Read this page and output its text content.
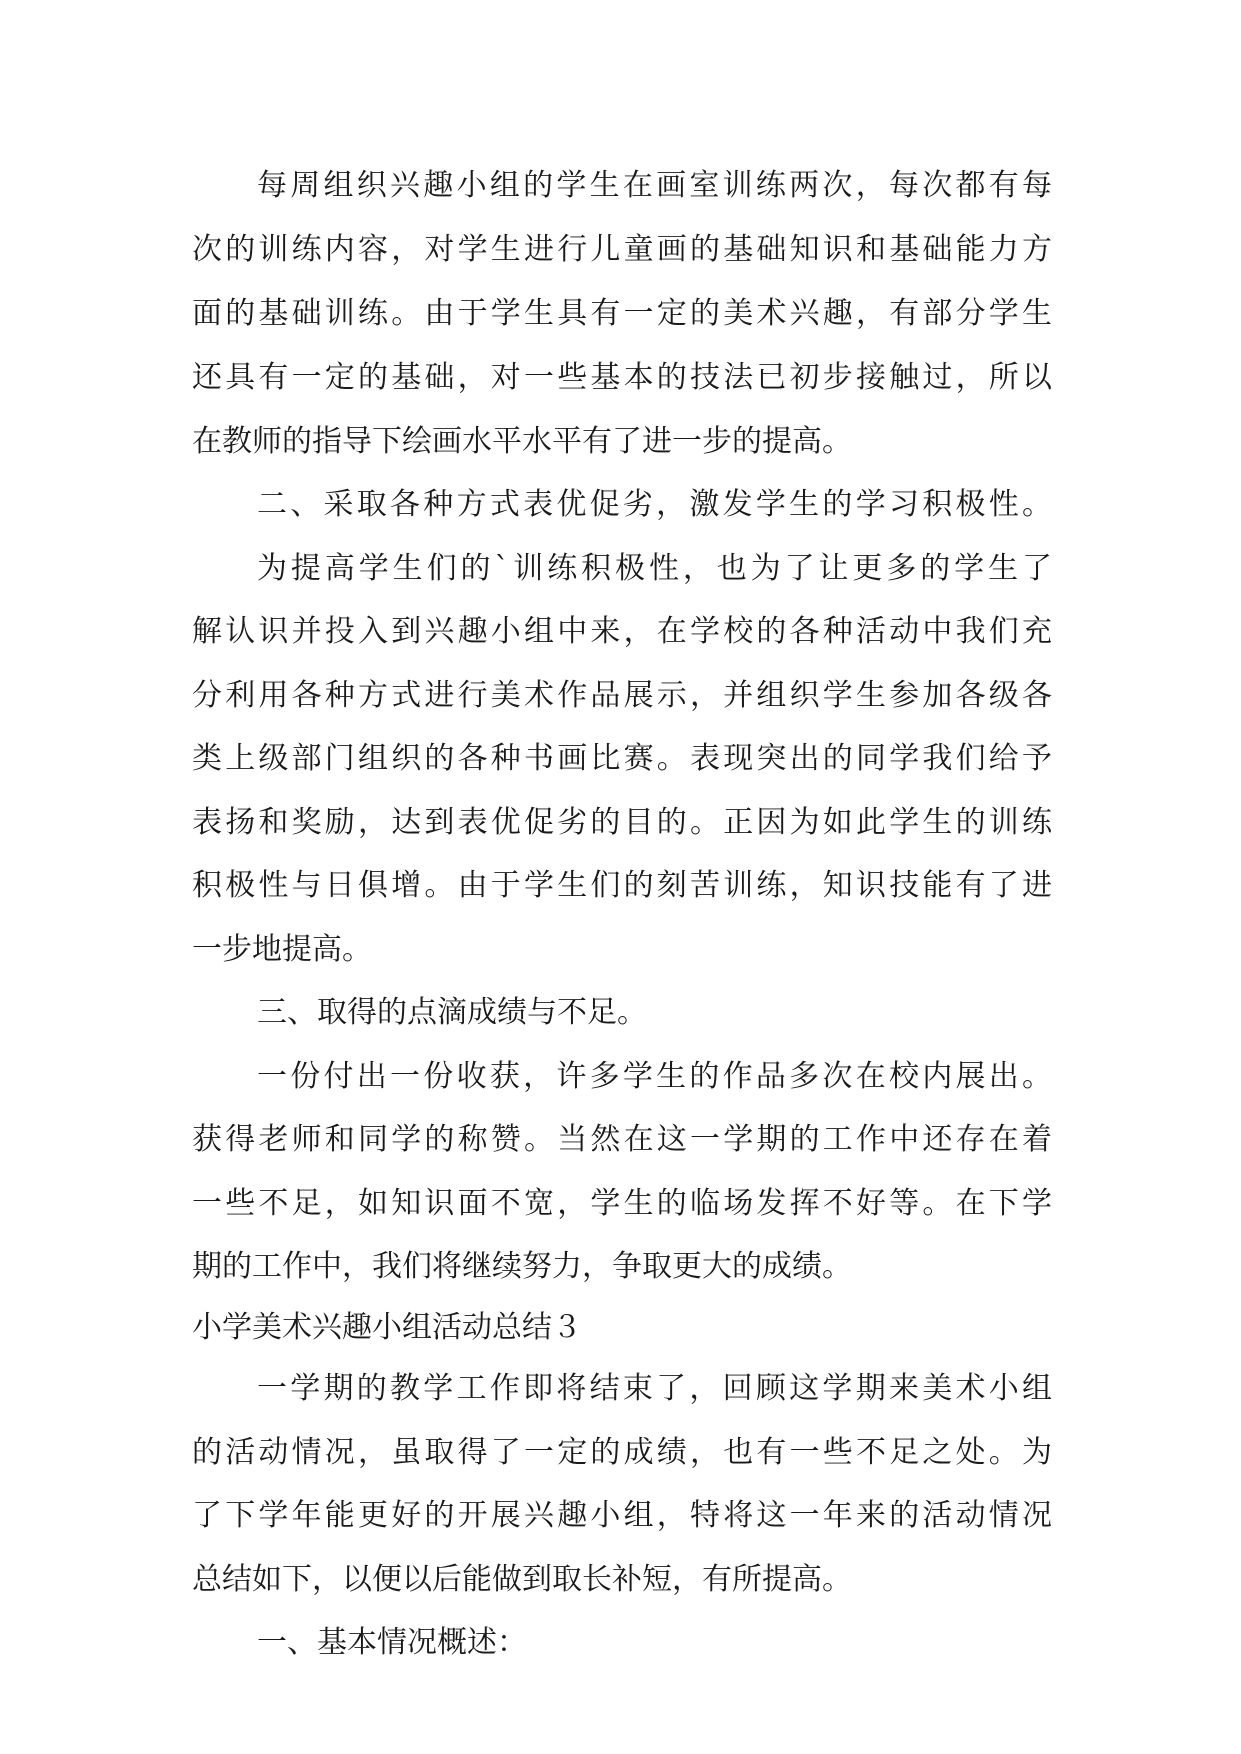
每周组织兴趣小组的学生在画室训练两次，每次都有每
次的训练内容，对学生进行儿童画的基础知识和基础能力方
面的基础训练。由于学生具有一定的美术兴趣，有部分学生
还具有一定的基础，对一些基本的技法已初步接触过，所以
在教师的指导下绘画水平水平有了进一步的提高。
二、采取各种方式表优促劣，激发学生的学习积极性。
为提高学生们的`训练积极性，也为了让更多的学生了
解认识并投入到兴趣小组中来，在学校的各种活动中我们充
分利用各种方式进行美术作品展示，并组织学生参加各级各
类上级部门组织的各种书画比赛。表现突出的同学我们给予
表扬和奖励，达到表优促劣的目的。正因为如此学生的训练
积极性与日俱增。由于学生们的刻苦训练，知识技能有了进
一步地提高。
三、取得的点滴成绩与不足。
一份付出一份收获，许多学生的作品多次在校内展出。
获得老师和同学的称赞。当然在这一学期的工作中还存在着
一些不足，如知识面不宽，学生的临场发挥不好等。在下学
期的工作中，我们将继续努力，争取更大的成绩。
小学美术兴趣小组活动总结３
一学期的教学工作即将结束了，回顾这学期来美术小组
的活动情况，虽取得了一定的成绩，也有一些不足之处。为
了下学年能更好的开展兴趣小组，特将这一年来的活动情况
总结如下，以便以后能做到取长补短，有所提高。
一、基本情况概述：
